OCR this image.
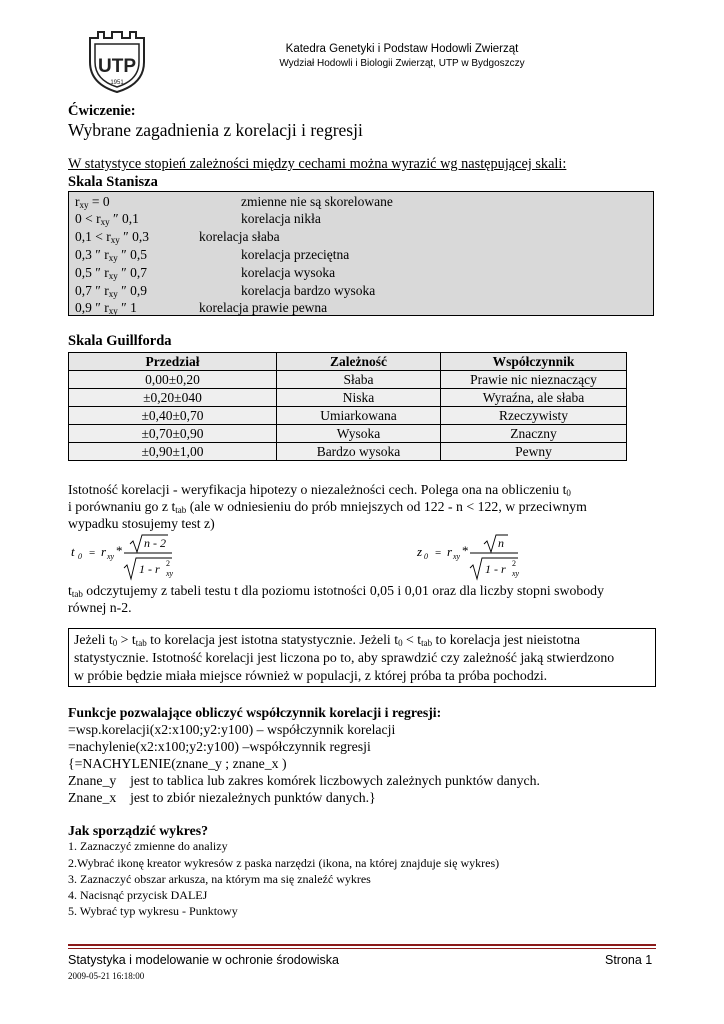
UTP
1951
Katedra Genetyki i Podstaw Hodowli Zwierząt
Wydział Hodowli i Biologii Zwierząt, UTP w Bydgoszczy
Ćwiczenie:
Wybrane zagadnienia z korelacji i regresji
W statystyce stopień zależności między cechami można wyrazić wg następującej skali:
Skala Stanisza
$r_{xy} = 0$	zmienne nie są skorelowane
$0 < r_{xy}$ ″ 0,1	korelacja nikła
$0,1 < r_{xy}$ ″ 0,3	korelacja słaba
0,3 ″ $r_{xy}$ ″ 0,5	korelacja przeciętna
0,5 ″ $r_{xy}$ ″ 0,7	korelacja wysoka
0,7 ″ $r_{xy}$ ″ 0,9	korelacja bardzo wysoka
0,9 ″ $r_{xy}$ ″ 1	korelacja prawie pewna
Skala Guillforda
Przedział	Zależność	Współczynnik
0,00±0,20	Słaba	Prawie nic nieznaczący
±0,20±040	Niska	Wyraźna, ale słaba
±0,40±0,70	Umiarkowana	Rzeczywisty
±0,70±0,90	Wysoka	Znaczny
±0,90±1,00	Bardzo wysoka	Pewny
Istotność korelacji - weryfikacja hipotezy o niezależności cech. Polega ona na obliczeniu $t_0$
i porównaniu go z $t_{tab}$ (ale w odniesieniu do prób mniejszych od 122 - n < 122, w przeciwnym
wypadku stosujemy test z)
t 0 = r xy * n - 2
1 - r xy
2
z 0 = r xy * n
1 - r xy
2
$t_{tab}$ odczytujemy z tabeli testu t dla poziomu istotności 0,05 i 0,01 oraz dla liczby stopni swobody
równej n-2.
Jeżeli $t_0 > t_{tab}$ to korelacja jest istotna statystycznie. Jeżeli $t_0 < t_{tab}$ to korelacja jest nieistotna
statystycznie. Istotność korelacji jest liczona po to, aby sprawdzić czy zależność jaką stwierdzono
w próbie będzie miała miejsce również w populacji, z której próba ta próba pochodzi.
Funkcje pozwalające obliczyć współczynnik korelacji i regresji:
=wsp.korelacji(x2:x100;y2:y100) – współczynnik korelacji
=nachylenie(x2:x100;y2:y100) –współczynnik regresji
{=NACHYLENIE(znane_y ; znane_x )
Znane_y    jest to tablica lub zakres komórek liczbowych zależnych punktów danych.
Znane_x    jest to zbiór niezależnych punktów danych.}
Jak sporządzić wykres?
1. Zaznaczyć zmienne do analizy
2.Wybrać ikonę kreator wykresów z paska narzędzi (ikona, na której znajduje się wykres)
3. Zaznaczyć obszar arkusza, na którym ma się znaleźć wykres
4. Nacisnąć przycisk DALEJ
5. Wybrać typ wykresu - Punktowy
Statystyka i modelowanie w ochronie środowiska	Strona 1
2009-05-21 16:18:00
